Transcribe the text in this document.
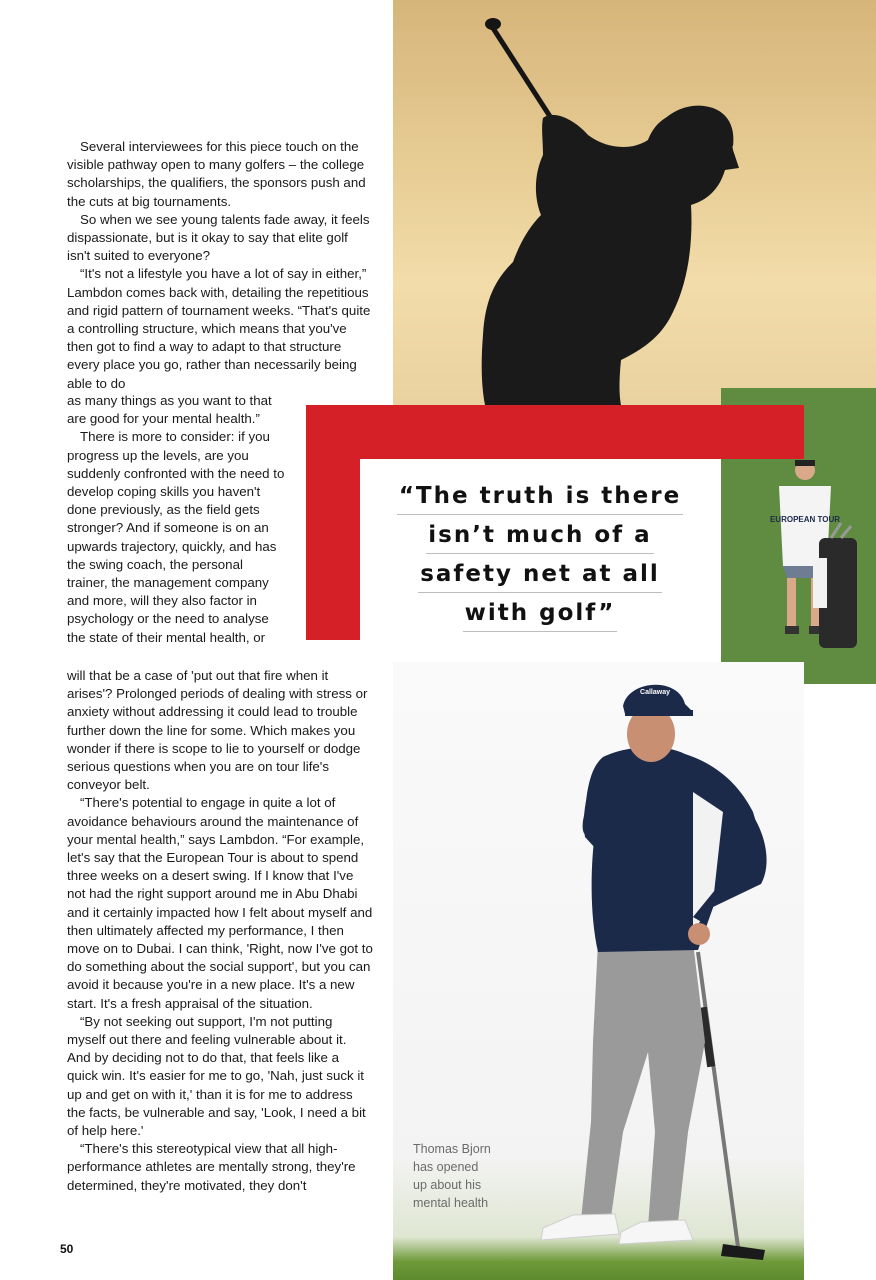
Several interviewees for this piece touch on the visible pathway open to many golfers – the college scholarships, the qualifiers, the sponsors push and the cuts at big tournaments.

So when we see young talents fade away, it feels dispassionate, but is it okay to say that elite golf isn't suited to everyone?

“It's not a lifestyle you have a lot of say in either,” Lambdon comes back with, detailing the repetitious and rigid pattern of tournament weeks. “That's quite a controlling structure, which means that you've then got to find a way to adapt to that structure every place you go, rather than necessarily being able to do

as many things as you want to that are good for your mental health.”

There is more to consider: if you progress up the levels, are you suddenly confronted with the need to develop coping skills you haven't done previously, as the field gets stronger? And if someone is on an upwards trajectory, quickly, and has the swing coach, the personal trainer, the management company and more, will they also factor in psychology or the need to analyse the state of their mental health, or

will that be a case of 'put out that fire when it arises'? Prolonged periods of dealing with stress or anxiety without addressing it could lead to trouble further down the line for some. Which makes you wonder if there is scope to lie to yourself or dodge serious questions when you are on tour life's conveyor belt.

“There's potential to engage in quite a lot of avoidance behaviours around the maintenance of your mental health,” says Lambdon. “For example, let's say that the European Tour is about to spend three weeks on a desert swing. If I know that I've not had the right support around me in Abu Dhabi and it certainly impacted how I felt about myself and then ultimately affected my performance, I then move on to Dubai. I can think, 'Right, now I've got to do something about the social support', but you can avoid it because you're in a new place. It's a new start. It's a fresh appraisal of the situation.

“By not seeking out support, I'm not putting myself out there and feeling vulnerable about it. And by deciding not to do that, that feels like a quick win. It's easier for me to go, 'Nah, just suck it up and get on with it,' than it is for me to address the facts, be vulnerable and say, 'Look, I need a bit of help here.'

“There's this stereotypical view that all high-performance athletes are mentally strong, they're determined, they're motivated, they don't

EUROPEAN TOUR
“The truth is there
isn’t much of a
safety net at all
with golf”
Callaway
Thomas Bjorn
has opened
up about his
mental health
50
